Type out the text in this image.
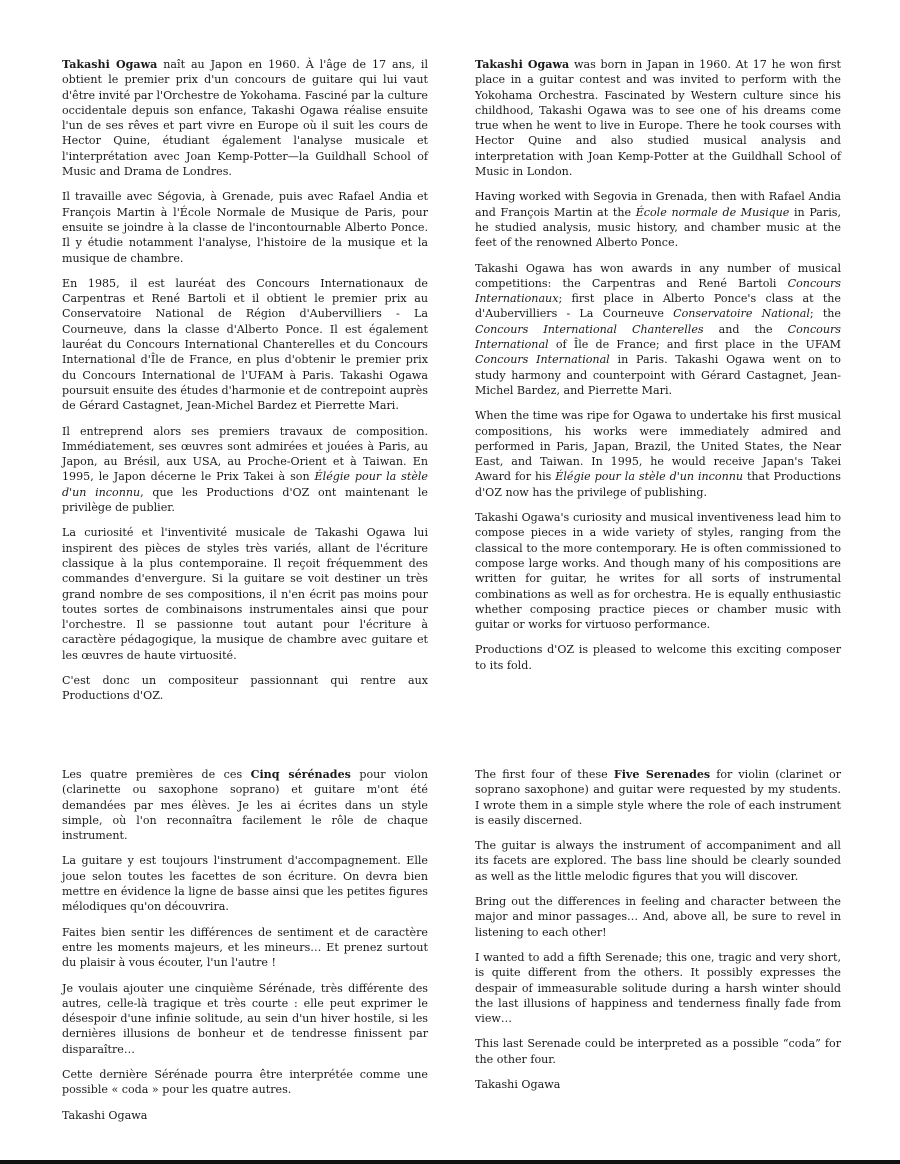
Takashi Ogawa naît au Japon en 1960. À l'âge de 17 ans, il obtient le premier prix d'un concours de guitare qui lui vaut d'être invité par l'Orchestre de Yokohama. Fasciné par la culture occidentale depuis son enfance, Takashi Ogawa réalise ensuite l'un de ses rêves et part vivre en Europe où il suit les cours de Hector Quine, étudiant également l'analyse musicale et l'interprétation avec Joan Kemp-Potter—la Guildhall School of Music and Drama de Londres.

Il travaille avec Ségovia, à Grenade, puis avec Rafael Andia et François Martin à l'École Normale de Musique de Paris, pour ensuite se joindre à la classe de l'incontournable Alberto Ponce. Il y étudie notamment l'analyse, l'histoire de la musique et la musique de chambre.

En 1985, il est lauréat des Concours Internationaux de Carpentras et René Bartoli et il obtient le premier prix au Conservatoire National de Région d'Aubervilliers - La Courneuve, dans la classe d'Alberto Ponce. Il est également lauréat du Concours International Chanterelles et du Concours International d'Île de France, en plus d'obtenir le premier prix du Concours International de l'UFAM à Paris. Takashi Ogawa poursuit ensuite des études d'harmonie et de contrepoint auprès de Gérard Castagnet, Jean-Michel Bardez et Pierrette Mari.

Il entreprend alors ses premiers travaux de composition. Immédiatement, ses œuvres sont admirées et jouées à Paris, au Japon, au Brésil, aux USA, au Proche-Orient et à Taiwan. En 1995, le Japon décerne le Prix Takei à son Élégie pour la stèle d'un inconnu, que les Productions d'OZ ont maintenant le privilège de publier.

La curiosité et l'inventivité musicale de Takashi Ogawa lui inspirent des pièces de styles très variés, allant de l'écriture classique à la plus contemporaine. Il reçoit fréquemment des commandes d'envergure. Si la guitare se voit destiner un très grand nombre de ses compositions, il n'en écrit pas moins pour toutes sortes de combinaisons instrumentales ainsi que pour l'orchestre. Il se passionne tout autant pour l'écriture à caractère pédagogique, la musique de chambre avec guitare et les œuvres de haute virtuosité.

C'est donc un compositeur passionnant qui rentre aux Productions d'OZ.

Takashi Ogawa was born in Japan in 1960. At 17 he won first place in a guitar contest and was invited to perform with the Yokohama Orchestra. Fascinated by Western culture since his childhood, Takashi Ogawa was to see one of his dreams come true when he went to live in Europe. There he took courses with Hector Quine and also studied musical analysis and interpretation with Joan Kemp-Potter at the Guildhall School of Music in London.

Having worked with Segovia in Grenada, then with Rafael Andia and François Martin at the École normale de Musique in Paris, he studied analysis, music history, and chamber music at the feet of the renowned Alberto Ponce.

Takashi Ogawa has won awards in any number of musical competitions: the Carpentras and René Bartoli Concours Internationaux; first place in Alberto Ponce's class at the d'Aubervilliers - La Courneuve Conservatoire National; the Concours International Chanterelles and the Concours International of Île de France; and first place in the UFAM Concours International in Paris. Takashi Ogawa went on to study harmony and counterpoint with Gérard Castagnet, Jean-Michel Bardez, and Pierrette Mari.

When the time was ripe for Ogawa to undertake his first musical compositions, his works were immediately admired and performed in Paris, Japan, Brazil, the United States, the Near East, and Taiwan. In 1995, he would receive Japan's Takei Award for his Élégie pour la stèle d'un inconnu that Productions d'OZ now has the privilege of publishing.

Takashi Ogawa's curiosity and musical inventiveness lead him to compose pieces in a wide variety of styles, ranging from the classical to the more contemporary. He is often commissioned to compose large works. And though many of his compositions are written for guitar, he writes for all sorts of instrumental combinations as well as for orchestra. He is equally enthusiastic whether composing practice pieces or chamber music with guitar or works for virtuoso performance.

Productions d'OZ is pleased to welcome this exciting composer to its fold.

Les quatre premières de ces Cinq sérénades pour violon (clarinette ou saxophone soprano) et guitare m'ont été demandées par mes élèves. Je les ai écrites dans un style simple, où l'on reconnaîtra facilement le rôle de chaque instrument.

La guitare y est toujours l'instrument d'accompagnement. Elle joue selon toutes les facettes de son écriture. On devra bien mettre en évidence la ligne de basse ainsi que les petites figures mélodiques qu'on découvrira.

Faites bien sentir les différences de sentiment et de caractère entre les moments majeurs, et les mineurs… Et prenez surtout du plaisir à vous écouter, l'un l'autre !

Je voulais ajouter une cinquième Sérénade, très différente des autres, celle-là tragique et très courte : elle peut exprimer le désespoir d'une infinie solitude, au sein d'un hiver hostile, si les dernières illusions de bonheur et de tendresse finissent par disparaître…

Cette dernière Sérénade pourra être interprétée comme une possible « coda » pour les quatre autres.

Takashi Ogawa

The first four of these Five Serenades for violin (clarinet or soprano saxophone) and guitar were requested by my students. I wrote them in a simple style where the role of each instrument is easily discerned.

The guitar is always the instrument of accompaniment and all its facets are explored. The bass line should be clearly sounded as well as the little melodic figures that you will discover.

Bring out the differences in feeling and character between the major and minor passages… And, above all, be sure to revel in listening to each other!

I wanted to add a fifth Serenade; this one, tragic and very short, is quite different from the others. It possibly expresses the despair of immeasurable solitude during a harsh winter should the last illusions of happiness and tenderness finally fade from view…

This last Serenade could be interpreted as a possible “coda” for the other four.

Takashi Ogawa
